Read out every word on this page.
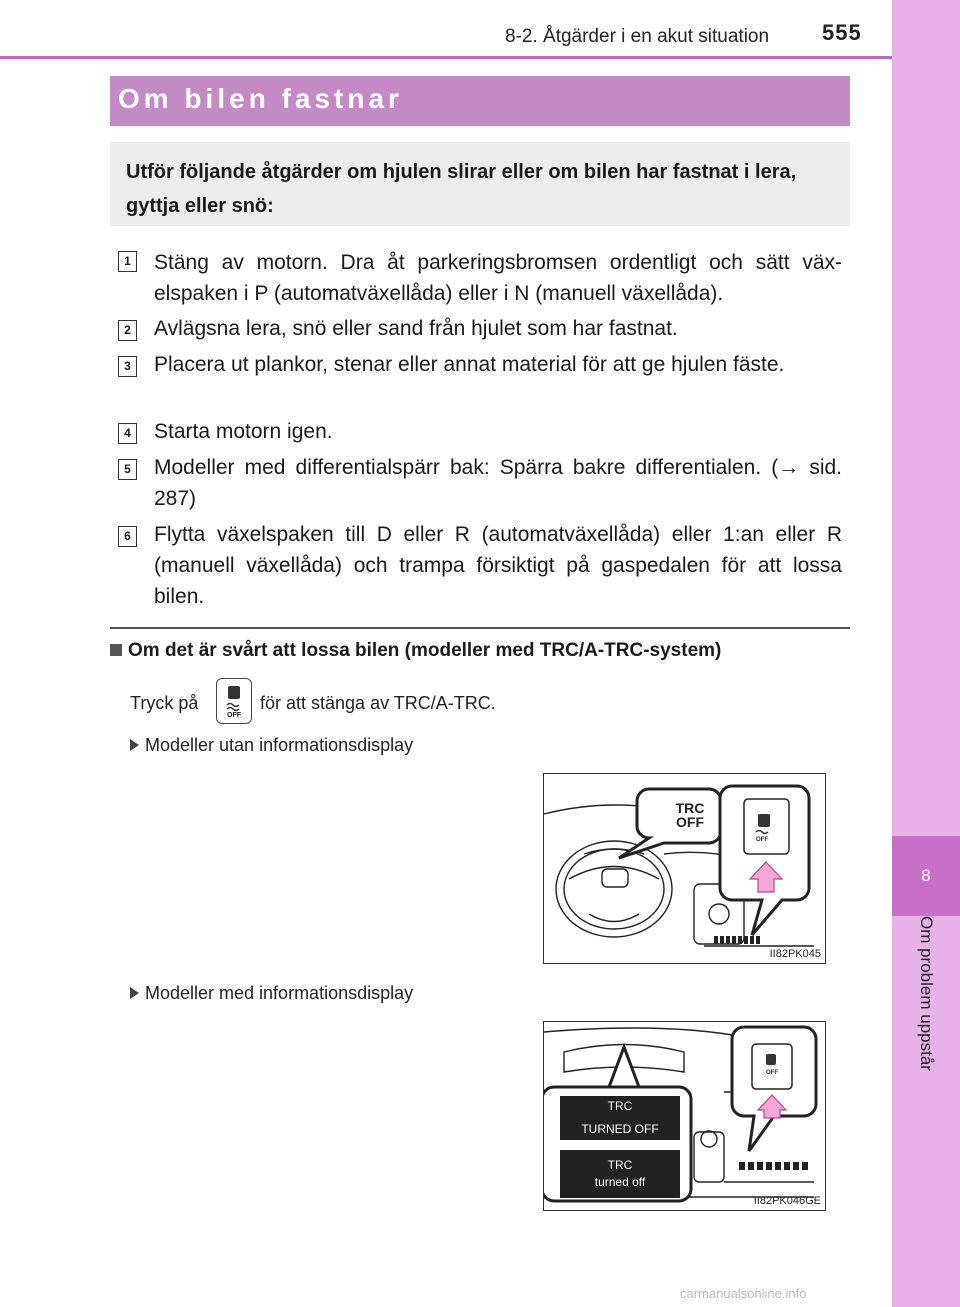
8
Om problem uppstår
8-2. Åtgärder i en akut situation 555
Om bilen fastnar
Utför följande åtgärder om hjulen slirar eller om bilen har fastnat i lera, gyttja eller snö:
1 Stäng av motorn. Dra åt parkeringsbromsen ordentligt och sätt väx-elspaken i P (automatväxellåda) eller i N (manuell växellåda).
2 Avlägsna lera, snö eller sand från hjulet som har fastnat.
3 Placera ut plankor, stenar eller annat material för att ge hjulen fäste.
4 Starta motorn igen.
5 Modeller med differentialspärr bak: Spärra bakre differentialen. (→ sid. 287)
6 Flytta växelspaken till D eller R (automatväxellåda) eller 1:an eller R (manuell växellåda) och trampa försiktigt på gaspedalen för att lossa bilen.
Om det är svårt att lossa bilen (modeller med TRC/A-TRC-system)
Tryck på
OFF
för att stänga av TRC/A-TRC.
Modeller utan informationsdisplay
TRC
OFF
OFF
II82PK045
Modeller med informationsdisplay
TRC
TURNED OFF
TRC
turned off
OFF
II82PK046GE
carmanualsonline.info
